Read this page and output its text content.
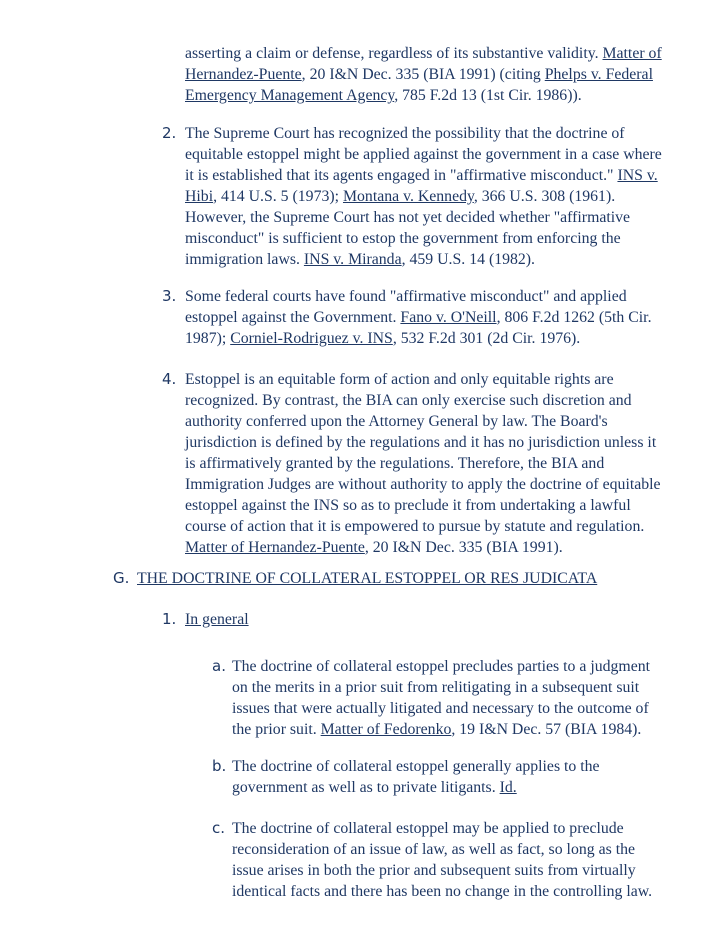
asserting a claim or defense, regardless of its substantive validity. Matter of
Hernandez-Puente, 20 I&N Dec. 335 (BIA 1991) (citing Phelps v. Federal
Emergency Management Agency, 785 F.2d 13 (1st Cir. 1986)).
2. The Supreme Court has recognized the possibility that the doctrine of
equitable estoppel might be applied against the government in a case where
it is established that its agents engaged in "affirmative misconduct." INS v.
Hibi, 414 U.S. 5 (1973); Montana v. Kennedy, 366 U.S. 308 (1961).
However, the Supreme Court has not yet decided whether "affirmative
misconduct" is sufficient to estop the government from enforcing the
immigration laws. INS v. Miranda, 459 U.S. 14 (1982).
3. Some federal courts have found "affirmative misconduct" and applied
estoppel against the Government. Fano v. O'Neill, 806 F.2d 1262 (5th Cir.
1987); Corniel-Rodriguez v. INS, 532 F.2d 301 (2d Cir. 1976).
4. Estoppel is an equitable form of action and only equitable rights are
recognized. By contrast, the BIA can only exercise such discretion and
authority conferred upon the Attorney General by law. The Board's
jurisdiction is defined by the regulations and it has no jurisdiction unless it
is affirmatively granted by the regulations. Therefore, the BIA and
Immigration Judges are without authority to apply the doctrine of equitable
estoppel against the INS so as to preclude it from undertaking a lawful
course of action that it is empowered to pursue by statute and regulation.
Matter of Hernandez-Puente, 20 I&N Dec. 335 (BIA 1991).
G. THE DOCTRINE OF COLLATERAL ESTOPPEL OR RES JUDICATA
1. In general
a. The doctrine of collateral estoppel precludes parties to a judgment
on the merits in a prior suit from relitigating in a subsequent suit
issues that were actually litigated and necessary to the outcome of
the prior suit. Matter of Fedorenko, 19 I&N Dec. 57 (BIA 1984).
b. The doctrine of collateral estoppel generally applies to the
government as well as to private litigants. Id.
c. The doctrine of collateral estoppel may be applied to preclude
reconsideration of an issue of law, as well as fact, so long as the
issue arises in both the prior and subsequent suits from virtually
identical facts and there has been no change in the controlling law.
